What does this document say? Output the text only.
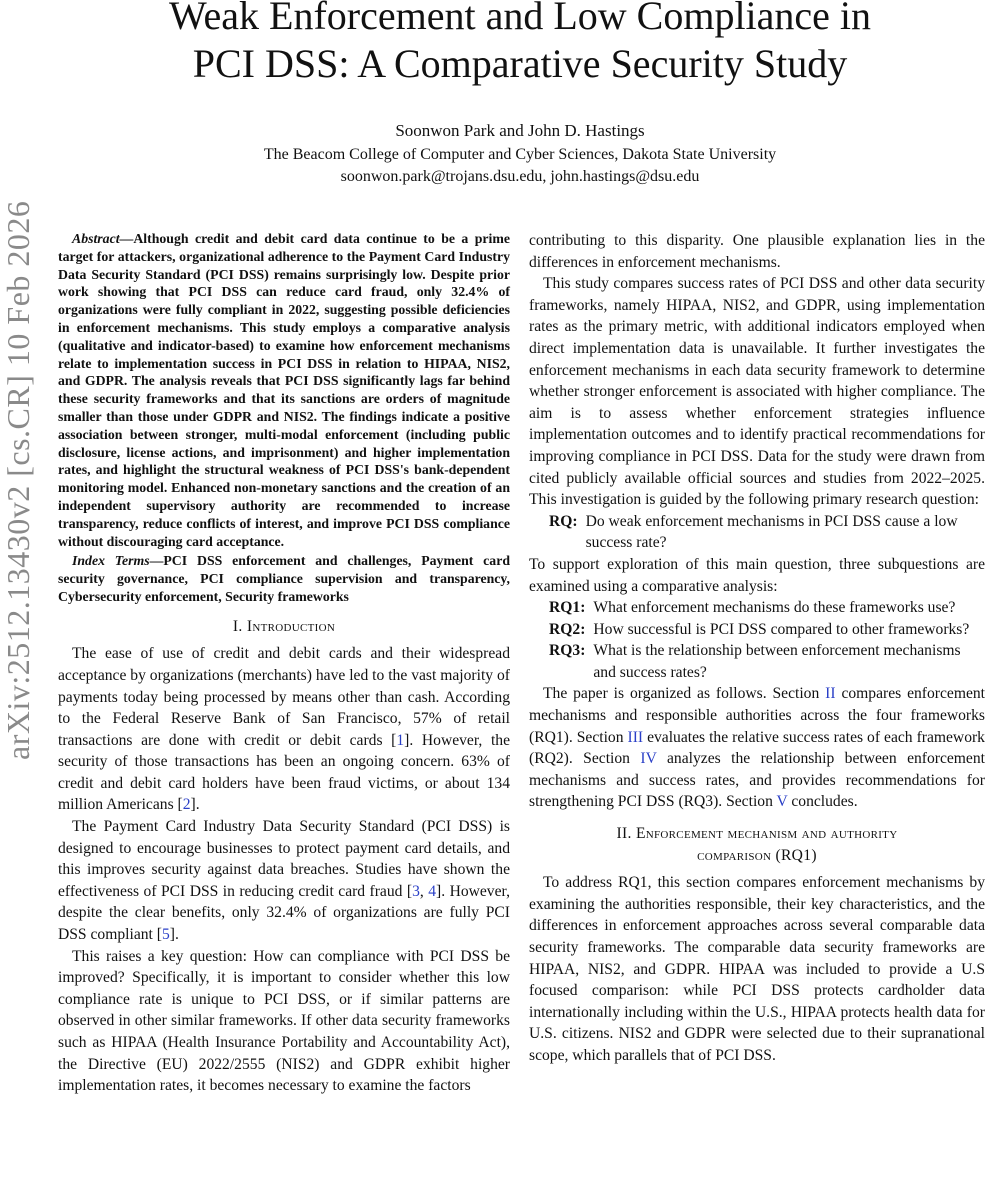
arXiv:2512.13430v2 [cs.CR] 10 Feb 2026
Weak Enforcement and Low Compliance in
PCI DSS: A Comparative Security Study
Soonwon Park and John D. Hastings
The Beacom College of Computer and Cyber Sciences, Dakota State University
soonwon.park@trojans.dsu.edu, john.hastings@dsu.edu

Abstract—Although credit and debit card data continue to be a prime target for attackers, organizational adherence to the Payment Card Industry Data Security Standard (PCI DSS) remains surprisingly low. Despite prior work showing that PCI DSS can reduce card fraud, only 32.4% of organizations were fully compliant in 2022, suggesting possible deficiencies in enforcement mechanisms. This study employs a comparative analysis (qualitative and indicator-based) to examine how enforcement mechanisms relate to implementation success in PCI DSS in relation to HIPAA, NIS2, and GDPR. The analysis reveals that PCI DSS significantly lags far behind these security frameworks and that its sanctions are orders of magnitude smaller than those under GDPR and NIS2. The findings indicate a positive association between stronger, multi-modal enforcement (including public disclosure, license actions, and imprisonment) and higher implementation rates, and highlight the structural weakness of PCI DSS's bank-dependent monitoring model. Enhanced non-monetary sanctions and the creation of an independent supervisory authority are recommended to increase transparency, reduce conflicts of interest, and improve PCI DSS compliance without discouraging card acceptance.

Index Terms—PCI DSS enforcement and challenges, Payment card security governance, PCI compliance supervision and transparency, Cybersecurity enforcement, Security frameworks

I. Introduction

The ease of use of credit and debit cards and their widespread acceptance by organizations (merchants) have led to the vast majority of payments today being processed by means other than cash. According to the Federal Reserve Bank of San Francisco, 57% of retail transactions are done with credit or debit cards [1]. However, the security of those transactions has been an ongoing concern. 63% of credit and debit card holders have been fraud victims, or about 134 million Americans [2].

The Payment Card Industry Data Security Standard (PCI DSS) is designed to encourage businesses to protect payment card details, and this improves security against data breaches. Studies have shown the effectiveness of PCI DSS in reducing credit card fraud [3, 4]. However, despite the clear benefits, only 32.4% of organizations are fully PCI DSS compliant [5].

This raises a key question: How can compliance with PCI DSS be improved? Specifically, it is important to consider whether this low compliance rate is unique to PCI DSS, or if similar patterns are observed in other similar frameworks. If other data security frameworks such as HIPAA (Health Insurance Portability and Accountability Act), the Directive (EU) 2022/2555 (NIS2) and GDPR exhibit higher implementation rates, it becomes necessary to examine the factors

contributing to this disparity. One plausible explanation lies in the differences in enforcement mechanisms.

This study compares success rates of PCI DSS and other data security frameworks, namely HIPAA, NIS2, and GDPR, using implementation rates as the primary metric, with additional indicators employed when direct implementation data is unavailable. It further investigates the enforcement mechanisms in each data security framework to determine whether stronger enforcement is associated with higher compliance. The aim is to assess whether enforcement strategies influence implementation outcomes and to identify practical recommendations for improving compliance in PCI DSS. Data for the study were drawn from cited publicly available official sources and studies from 2022–2025. This investigation is guided by the following primary research question:

RQ: Do weak enforcement mechanisms in PCI DSS cause a low success rate?

To support exploration of this main question, three subquestions are examined using a comparative analysis:

RQ1: What enforcement mechanisms do these frameworks use?
RQ2: How successful is PCI DSS compared to other frameworks?
RQ3: What is the relationship between enforcement mechanisms and success rates?

The paper is organized as follows. Section II compares enforcement mechanisms and responsible authorities across the four frameworks (RQ1). Section III evaluates the relative success rates of each framework (RQ2). Section IV analyzes the relationship between enforcement mechanisms and success rates, and provides recommendations for strengthening PCI DSS (RQ3). Section V concludes.

II. Enforcement mechanism and authority
comparison (RQ1)

To address RQ1, this section compares enforcement mechanisms by examining the authorities responsible, their key characteristics, and the differences in enforcement approaches across several comparable data security frameworks. The comparable data security frameworks are HIPAA, NIS2, and GDPR. HIPAA was included to provide a U.S focused comparison: while PCI DSS protects cardholder data internationally including within the U.S., HIPAA protects health data for U.S. citizens. NIS2 and GDPR were selected due to their supranational scope, which parallels that of PCI DSS.
